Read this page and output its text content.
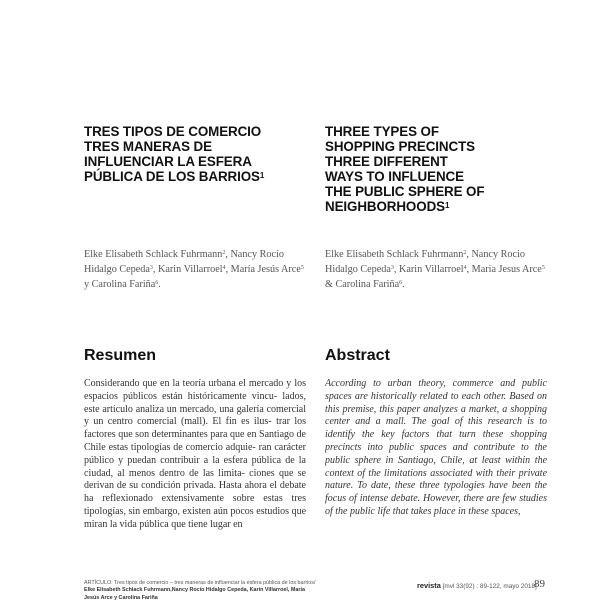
TRES TIPOS DE COMERCIO
TRES MANERAS DE
INFLUENCIAR LA ESFERA
PÚBLICA DE LOS BARRIOS$^1$
Elke Elisabeth Schlack Fuhrmann$^2$, Nancy Rocío Hidalgo Cepeda$^3$, Karin Villarroel$^4$, María Jesús Arce$^5$ y Carolina Fariña$^6$.
Resumen
Considerando que en la teoría urbana el mercado y los espacios públicos están históricamente vincu- lados, este artículo analiza un mercado, una galería comercial y un centro comercial (mall). El fin es ilus- trar los factores que son determinantes para que en Santiago de Chile estas tipologías de comercio adquie- ran carácter público y puedan contribuir a la esfera pública de la ciudad, al menos dentro de las limita- ciones que se derivan de su condición privada. Hasta ahora el debate ha reflexionado extensivamente sobre estas tres tipologías, sin embargo, existen aún pocos estudios que miran la vida pública que tiene lugar en
THREE TYPES OF
SHOPPING PRECINCTS
THREE DIFFERENT
WAYS TO INFLUENCE
THE PUBLIC SPHERE OF
NEIGHBORHOODS$^1$
Elke Elisabeth Schlack Fuhrmann$^2$, Nancy Rocio Hidalgo Cepeda$^3$, Karin Villarroel$^4$, Maria Jesus Arce$^5$ & Carolina Fariña$^6$.
Abstract
According to urban theory, commerce and public spaces are historically related to each other. Based on this premise, this paper analyzes a market, a shopping center and a mall. The goal of this research is to identify the key factors that turn these shopping precincts into public spaces and contribute to the public sphere in Santiago, Chile, at least within the context of the limitations associated with their private nature. To date, these three typologies have been the focus of intense debate. However, there are few studies of the public life that takes place in these spaces,
ARTÍCULO: Tres tipos de comercio – tres maneras de influenciar la esfera pública de los barrios/
Elke Elisabeth Schlack Fuhrmann,Nancy Rocío Hidalgo Cepeda, Karin Villarroel, María
Jesús Arce y Carolina Fariña
revista [mvl 33(92) : 89-122, mayo 2018]
89
